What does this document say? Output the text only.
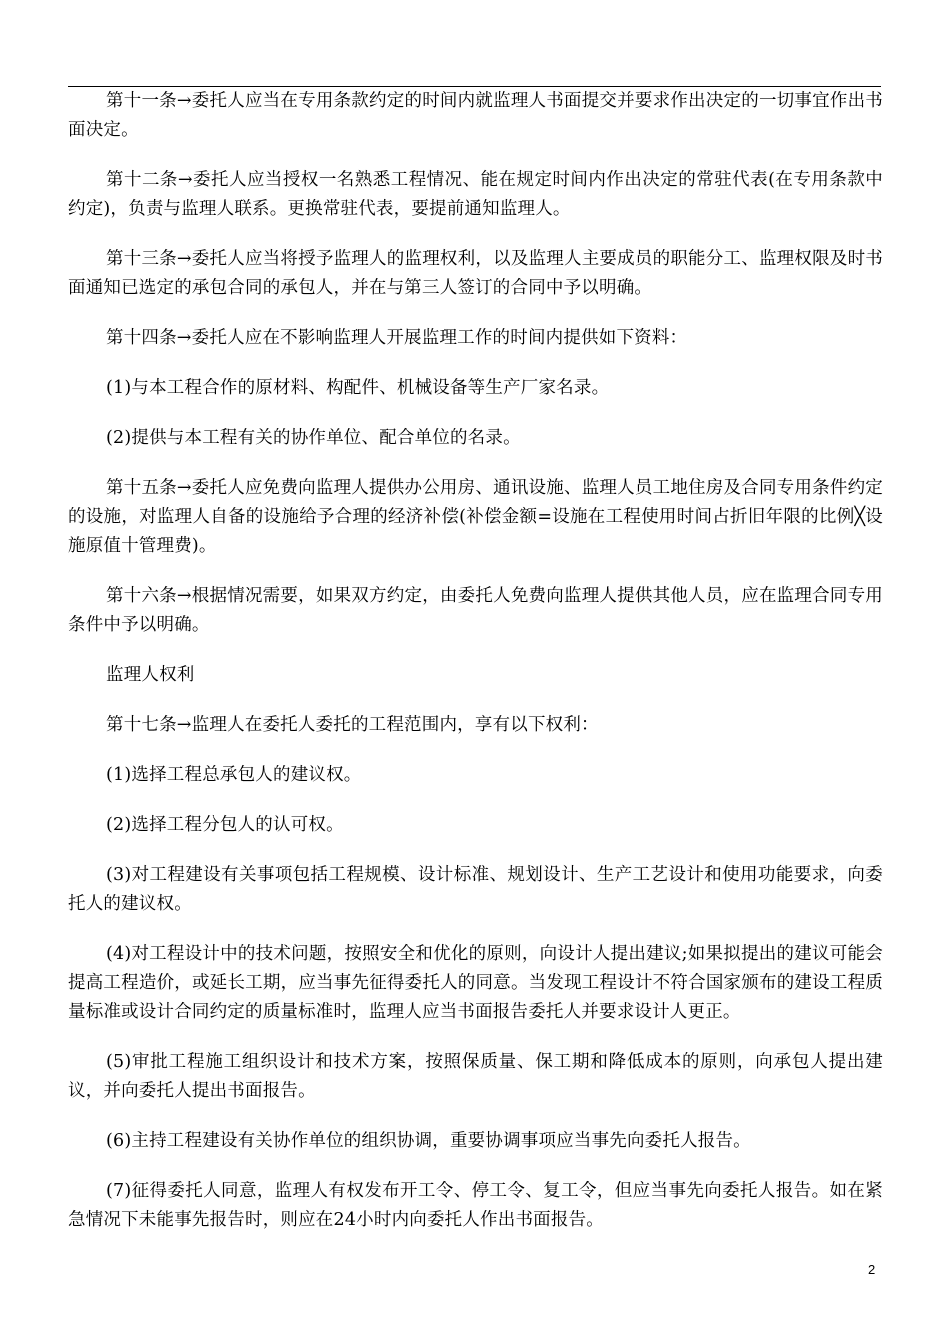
第十一条→委托人应当在专用条款约定的时间内就监理人书面提交并要求作出决定的一切事宜作出书面决定。

第十二条→委托人应当授权一名熟悉工程情况、能在规定时间内作出决定的常驻代表(在专用条款中约定)，负责与监理人联系。更换常驻代表，要提前通知监理人。

第十三条→委托人应当将授予监理人的监理权利，以及监理人主要成员的职能分工、监理权限及时书面通知已选定的承包合同的承包人，并在与第三人签订的合同中予以明确。

第十四条→委托人应在不影响监理人开展监理工作的时间内提供如下资料：

(1)与本工程合作的原材料、构配件、机械设备等生产厂家名录。

(2)提供与本工程有关的协作单位、配合单位的名录。

第十五条→委托人应免费向监理人提供办公用房、通讯设施、监理人员工地住房及合同专用条件约定的设施，对监理人自备的设施给予合理的经济补偿(补偿金额=设施在工程使用时间占折旧年限的比例╳设施原值十管理费)。

第十六条→根据情况需要，如果双方约定，由委托人免费向监理人提供其他人员，应在监理合同专用条件中予以明确。

监理人权利

第十七条→监理人在委托人委托的工程范围内，享有以下权利：

(1)选择工程总承包人的建议权。

(2)选择工程分包人的认可权。

(3)对工程建设有关事项包括工程规模、设计标准、规划设计、生产工艺设计和使用功能要求，向委托人的建议权。

(4)对工程设计中的技术问题，按照安全和优化的原则，向设计人提出建议;如果拟提出的建议可能会提高工程造价，或延长工期，应当事先征得委托人的同意。当发现工程设计不符合国家颁布的建设工程质量标准或设计合同约定的质量标准时，监理人应当书面报告委托人并要求设计人更正。

(5)审批工程施工组织设计和技术方案，按照保质量、保工期和降低成本的原则，向承包人提出建议，并向委托人提出书面报告。

(6)主持工程建设有关协作单位的组织协调，重要协调事项应当事先向委托人报告。

(7)征得委托人同意，监理人有权发布开工令、停工令、复工令，但应当事先向委托人报告。如在紧急情况下未能事先报告时，则应在24小时内向委托人作出书面报告。

2
